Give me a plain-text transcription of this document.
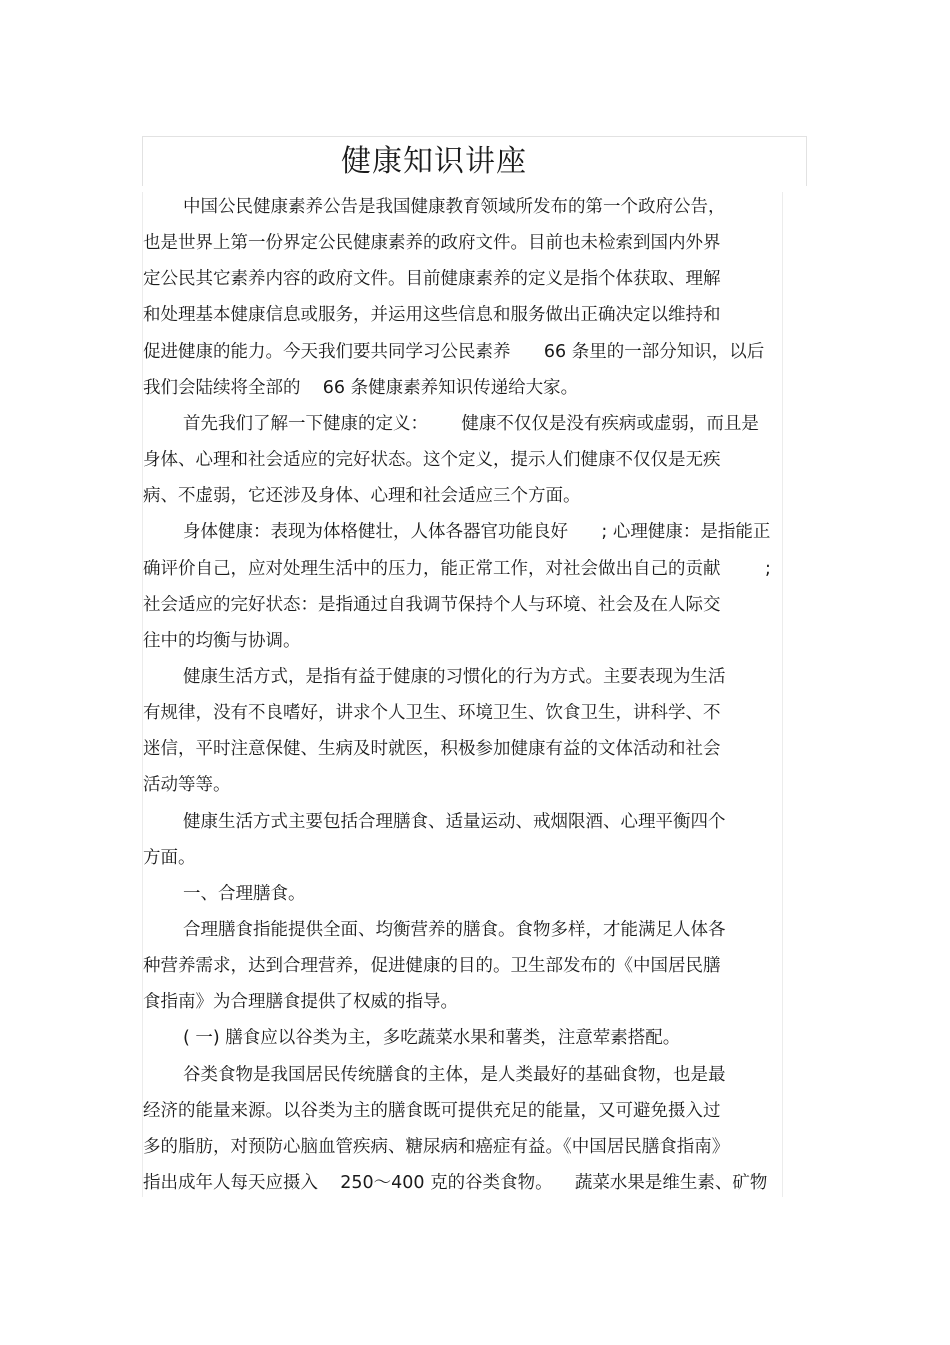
健康知识讲座
中国公民健康素养公告是我国健康教育领域所发布的第一个政府公告，
也是世界上第一份界定公民健康素养的政府文件。目前也未检索到国内外界
定公民其它素养内容的政府文件。目前健康素养的定义是指个体获取、理解
和处理基本健康信息或服务，并运用这些信息和服务做出正确决定以维持和
促进健康的能力。今天我们要共同学习公民素养      66 条里的一部分知识，以后
我们会陆续将全部的    66 条健康素养知识传递给大家。
首先我们了解一下健康的定义：      健康不仅仅是没有疾病或虚弱，而且是
身体、心理和社会适应的完好状态。这个定义，提示人们健康不仅仅是无疾
病、不虚弱，它还涉及身体、心理和社会适应三个方面。
身体健康：表现为体格健壮，人体各器官功能良好      ; 心理健康：是指能正
确评价自己，应对处理生活中的压力，能正常工作，对社会做出自己的贡献        ;
社会适应的完好状态：是指通过自我调节保持个人与环境、社会及在人际交
往中的均衡与协调。
健康生活方式，是指有益于健康的习惯化的行为方式。主要表现为生活
有规律，没有不良嗜好，讲求个人卫生、环境卫生、饮食卫生，讲科学、不
迷信，平时注意保健、生病及时就医，积极参加健康有益的文体活动和社会
活动等等。
健康生活方式主要包括合理膳食、适量运动、戒烟限酒、心理平衡四个
方面。
一、合理膳食。
合理膳食指能提供全面、均衡营养的膳食。食物多样，才能满足人体各
种营养需求，达到合理营养，促进健康的目的。卫生部发布的《中国居民膳
食指南》为合理膳食提供了权威的指导。
( 一) 膳食应以谷类为主，多吃蔬菜水果和薯类，注意荤素搭配。
谷类食物是我国居民传统膳食的主体，是人类最好的基础食物，也是最
经济的能量来源。以谷类为主的膳食既可提供充足的能量，又可避免摄入过
多的脂肪，对预防心脑血管疾病、糖尿病和癌症有益。《中国居民膳食指南》
指出成年人每天应摄入    250～400 克的谷类食物。    蔬菜水果是维生素、矿物
